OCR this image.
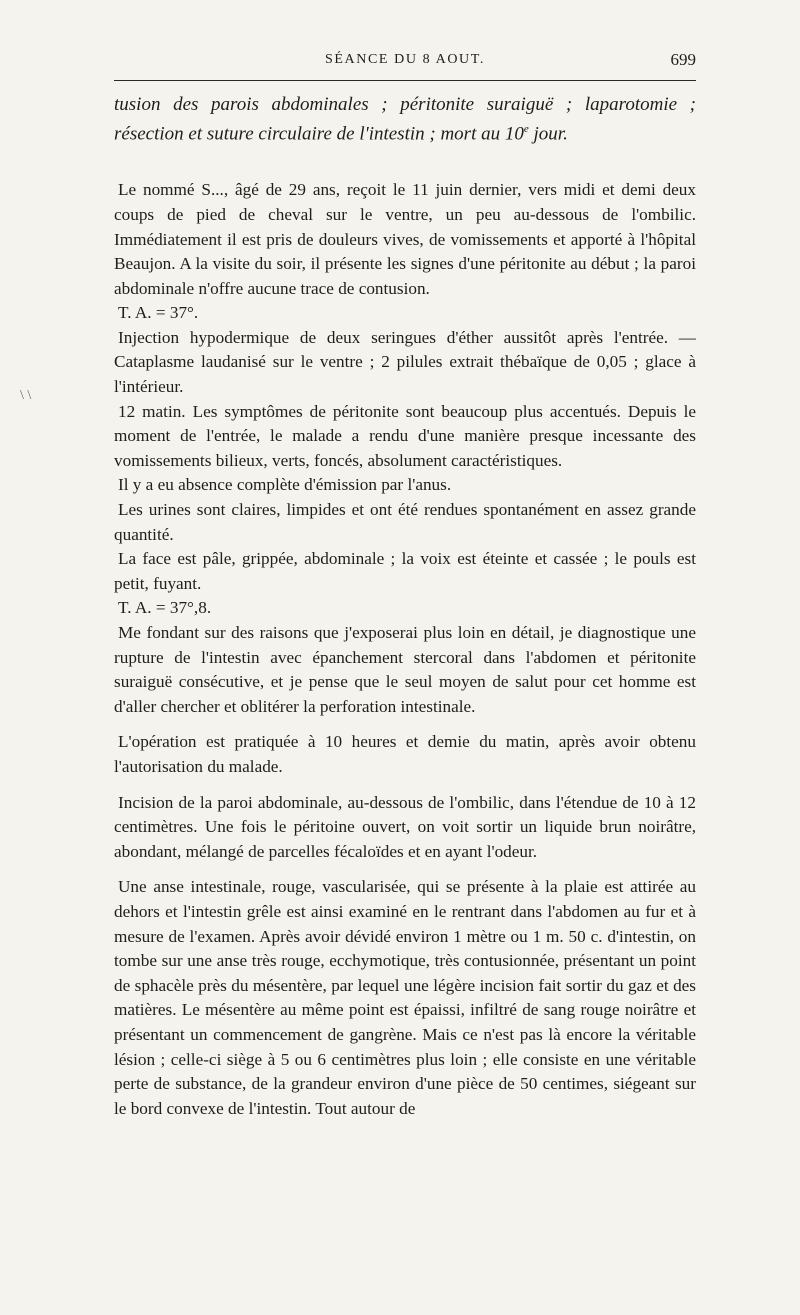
SÉANCE DU 8 AOUT.	699
\ \

tusion des parois abdominales ; péritonite suraiguë ; laparotomie ; résection et suture circulaire de l'intestin ; mort au 10e jour.

Le nommé S..., âgé de 29 ans, reçoit le 11 juin dernier, vers midi et demi deux coups de pied de cheval sur le ventre, un peu au-dessous de l'ombilic. Immédiatement il est pris de douleurs vives, de vomissements et apporté à l'hôpital Beaujon. A la visite du soir, il présente les signes d'une péritonite au début ; la paroi abdominale n'offre aucune trace de contusion.

T. A. = 37°.

Injection hypodermique de deux seringues d'éther aussitôt après l'entrée. — Cataplasme laudanisé sur le ventre ; 2 pilules extrait thébaïque de 0,05 ; glace à l'intérieur.

12 matin. Les symptômes de péritonite sont beaucoup plus accentués. Depuis le moment de l'entrée, le malade a rendu d'une manière presque incessante des vomissements bilieux, verts, foncés, absolument caractéristiques.

Il y a eu absence complète d'émission par l'anus.

Les urines sont claires, limpides et ont été rendues spontanément en assez grande quantité.

La face est pâle, grippée, abdominale ; la voix est éteinte et cassée ; le pouls est petit, fuyant.

T. A. = 37°,8.

Me fondant sur des raisons que j'exposerai plus loin en détail, je diagnostique une rupture de l'intestin avec épanchement stercoral dans l'abdomen et péritonite suraiguë consécutive, et je pense que le seul moyen de salut pour cet homme est d'aller chercher et oblitérer la perforation intestinale.

L'opération est pratiquée à 10 heures et demie du matin, après avoir obtenu l'autorisation du malade.

Incision de la paroi abdominale, au-dessous de l'ombilic, dans l'étendue de 10 à 12 centimètres. Une fois le péritoine ouvert, on voit sortir un liquide brun noirâtre, abondant, mélangé de parcelles fécaloïdes et en ayant l'odeur.

Une anse intestinale, rouge, vascularisée, qui se présente à la plaie est attirée au dehors et l'intestin grêle est ainsi examiné en le rentrant dans l'abdomen au fur et à mesure de l'examen. Après avoir dévidé environ 1 mètre ou 1 m. 50 c. d'intestin, on tombe sur une anse très rouge, ecchymotique, très contusionnée, présentant un point de sphacèle près du mésentère, par lequel une légère incision fait sortir du gaz et des matières. Le mésentère au même point est épaissi, infiltré de sang rouge noirâtre et présentant un commencement de gangrène. Mais ce n'est pas là encore la véritable lésion ; celle-ci siège à 5 ou 6 centimètres plus loin ; elle consiste en une véritable perte de substance, de la grandeur environ d'une pièce de 50 centimes, siégeant sur le bord convexe de l'intestin. Tout autour de
